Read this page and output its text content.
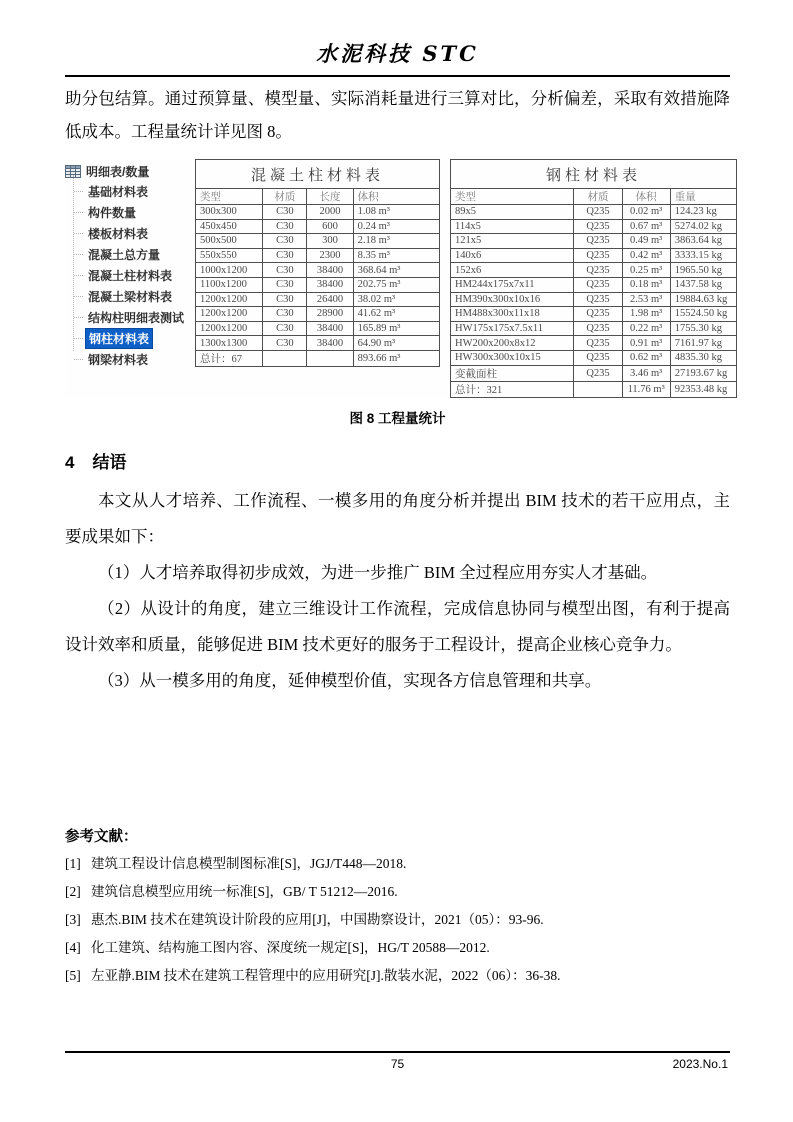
水泥科技 STC
助分包结算。通过预算量、模型量、实际消耗量进行三算对比，分析偏差，采取有效措施降低成本。工程量统计详见图 8。
明细表/数量
基础材料表
构件数量
楼板材料表
混凝土总方量
混凝土柱材料表
混凝土梁材料表
结构柱明细表测试
钢柱材料表
钢梁材料表
混凝土柱材料表			
类型	材质	长度	体积
300x300	C30	2000	1.08 m³
450x450	C30	600	0.24 m³
500x500	C30	300	2.18 m³
550x550	C30	2300	8.35 m³
1000x1200	C30	38400	368.64 m³
1100x1200	C30	38400	202.75 m³
1200x1200	C30	26400	38.02 m³
1200x1200	C30	28900	41.62 m³
1200x1200	C30	38400	165.89 m³
1300x1300	C30	38400	64.90 m³
总计：67			893.66 m³
钢柱材料表			
类型	材质	体积	重量
89x5	Q235	0.02 m³	124.23 kg
114x5	Q235	0.67 m³	5274.02 kg
121x5	Q235	0.49 m³	3863.64 kg
140x6	Q235	0.42 m³	3333.15 kg
152x6	Q235	0.25 m³	1965.50 kg
HM244x175x7x11	Q235	0.18 m³	1437.58 kg
HM390x300x10x16	Q235	2.53 m³	19884.63 kg
HM488x300x11x18	Q235	1.98 m³	15524.50 kg
HW175x175x7.5x11	Q235	0.22 m³	1755.30 kg
HW200x200x8x12	Q235	0.91 m³	7161.97 kg
HW300x300x10x15	Q235	0.62 m³	4835.30 kg
变截面柱	Q235	3.46 m³	27193.67 kg
总计：321		11.76 m³	92353.48 kg
图 8 工程量统计
4 结语
本文从人才培养、工作流程、一模多用的角度分析并提出 BIM 技术的若干应用点，主要成果如下：
（1）人才培养取得初步成效，为进一步推广 BIM 全过程应用夯实人才基础。
（2）从设计的角度，建立三维设计工作流程，完成信息协同与模型出图，有利于提高设计效率和质量，能够促进 BIM 技术更好的服务于工程设计，提高企业核心竞争力。
（3）从一模多用的角度，延伸模型价值，实现各方信息管理和共享。
参考文献：
[1] 建筑工程设计信息模型制图标准[S]，JGJ/T448—2018.
[2] 建筑信息模型应用统一标准[S]，GB/ T 51212—2016.
[3] 惠杰.BIM 技术在建筑设计阶段的应用[J]，中国勘察设计，2021（05）：93-96.
[4] 化工建筑、结构施工图内容、深度统一规定[S]，HG/T 20588—2012.
[5] 左亚静.BIM 技术在建筑工程管理中的应用研究[J].散装水泥，2022（06）：36-38.
75	2023.No.1
